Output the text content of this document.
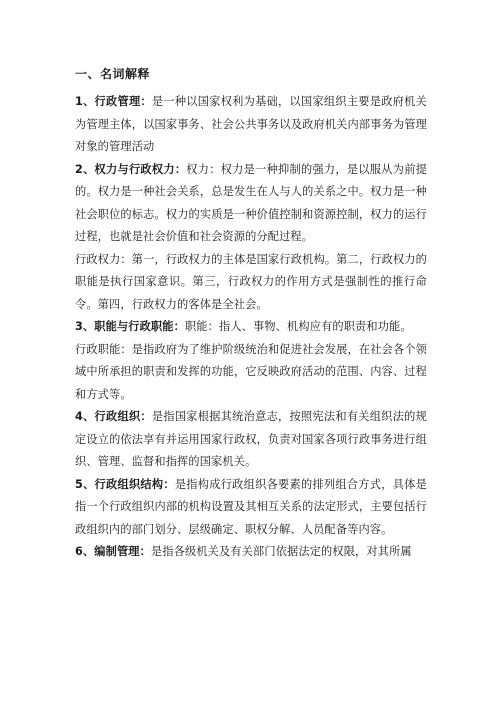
一、名词解释

1、行政管理：是一种以国家权利为基础，以国家组织主要是政府机关为管理主体，以国家事务、社会公共事务以及政府机关内部事务为管理对象的管理活动

2、权力与行政权力：权力：权力是一种抑制的强力，是以服从为前提的。权力是一种社会关系，总是发生在人与人的关系之中。权力是一种社会职位的标志。权力的实质是一种价值控制和资源控制，权力的运行过程，也就是社会价值和社会资源的分配过程。

行政权力：第一，行政权力的主体是国家行政机构。第二，行政权力的职能是执行国家意识。第三，行政权力的作用方式是强制性的推行命令。第四，行政权力的客体是全社会。

3、职能与行政职能：职能：指人、事物、机构应有的职责和功能。

行政职能：是指政府为了维护阶级统治和促进社会发展，在社会各个领域中所承担的职责和发挥的功能，它反映政府活动的范围、内容、过程和方式等。

4、行政组织：是指国家根据其统治意志，按照宪法和有关组织法的规定设立的依法享有并运用国家行政权，负责对国家各项行政事务进行组织、管理、监督和指挥的国家机关。

5、行政组织结构：是指构成行政组织各要素的排列组合方式，具体是指一个行政组织内部的机构设置及其相互关系的法定形式，主要包括行政组织内的部门划分、层级确定、职权分解、人员配备等内容。

6、编制管理：是指各级机关及有关部门依据法定的权限，对其所属
